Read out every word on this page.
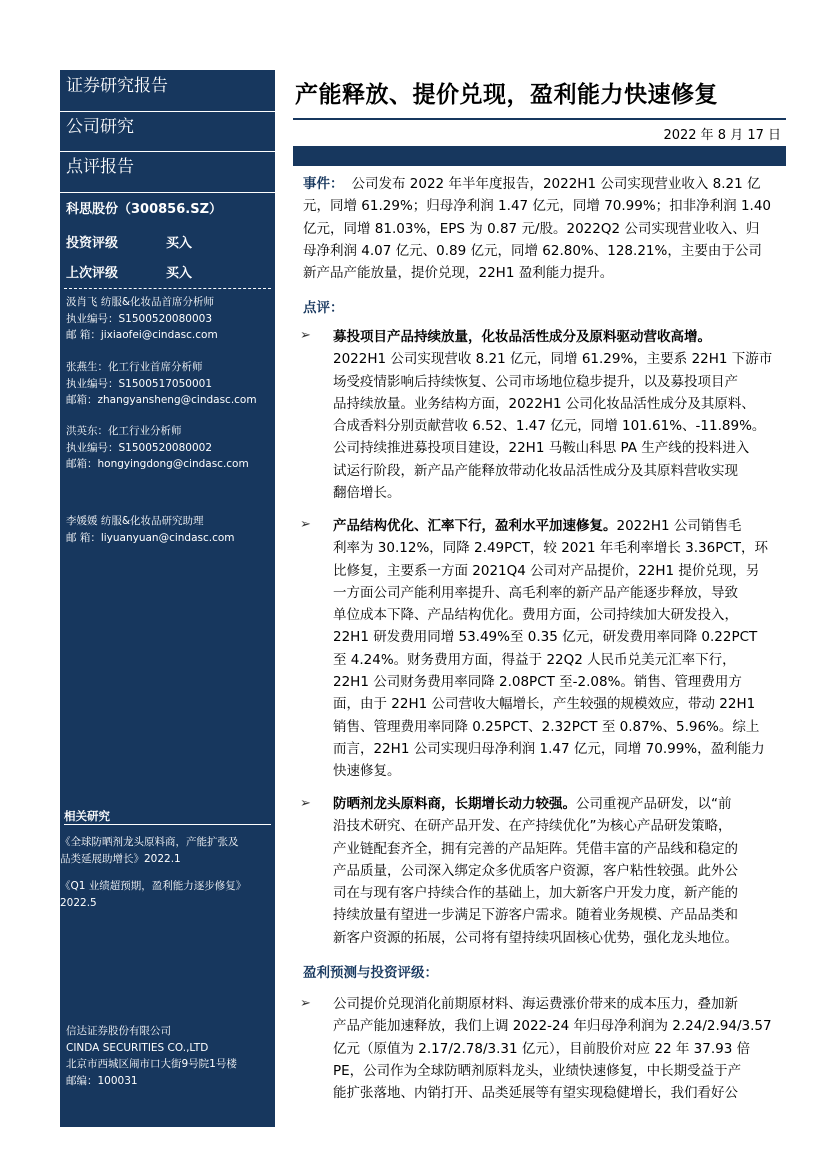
证券研究报告
公司研究
点评报告
科思股份（300856.SZ）
投资评级	买入
上次评级	买入
汲肖飞 纺服&化妆品首席分析师
执业编号：S1500520080003
邮 箱：jixiaofei@cindasc.com
张燕生：化工行业首席分析师
执业编号：S1500517050001
邮箱：zhangyansheng@cindasc.com
洪英东：化工行业分析师
执业编号：S1500520080002
邮箱：hongyingdong@cindasc.com
李媛媛 纺服&化妆品研究助理
邮 箱：liyuanyuan@cindasc.com
相关研究
《全球防晒剂龙头原料商，产能扩张及
品类延展助增长》2022.1
《Q1 业绩超预期，盈利能力逐步修复》
2022.5
信达证券股份有限公司
CINDA SECURITIES CO.,LTD
北京市西城区闹市口大街9号院1号楼
邮编：100031
产能释放、提价兑现，盈利能力快速修复
2022 年 8 月 17 日
事件： 公司发布 2022 年半年度报告，2022H1 公司实现营业收入 8.21 亿
元，同增 61.29%；归母净利润 1.47 亿元，同增 70.99%；扣非净利润 1.40
亿元，同增 81.03%，EPS 为 0.87 元/股。2022Q2 公司实现营业收入、归
母净利润 4.07 亿元、0.89 亿元，同增 62.80%、128.21%，主要由于公司
新产品产能放量，提价兑现，22H1 盈利能力提升。
点评：
➢ 募投项目产品持续放量，化妆品活性成分及原料驱动营收高增。
2022H1 公司实现营收 8.21 亿元，同增 61.29%，主要系 22H1 下游市
场受疫情影响后持续恢复、公司市场地位稳步提升，以及募投项目产
品持续放量。业务结构方面，2022H1 公司化妆品活性成分及其原料、
合成香料分别贡献营收 6.52、1.47 亿元，同增 101.61%、-11.89%。
公司持续推进募投项目建设，22H1 马鞍山科思 PA 生产线的投料进入
试运行阶段，新产品产能释放带动化妆品活性成分及其原料营收实现
翻倍增长。
➢ 产品结构优化、汇率下行，盈利水平加速修复。2022H1 公司销售毛
利率为 30.12%，同降 2.49PCT，较 2021 年毛利率增长 3.36PCT，环
比修复，主要系一方面 2021Q4 公司对产品提价，22H1 提价兑现，另
一方面公司产能利用率提升、高毛利率的新产品产能逐步释放，导致
单位成本下降、产品结构优化。费用方面，公司持续加大研发投入，
22H1 研发费用同增 53.49%至 0.35 亿元，研发费用率同降 0.22PCT
至 4.24%。财务费用方面，得益于 22Q2 人民币兑美元汇率下行，
22H1 公司财务费用率同降 2.08PCT 至-2.08%。销售、管理费用方
面，由于 22H1 公司营收大幅增长，产生较强的规模效应，带动 22H1
销售、管理费用率同降 0.25PCT、2.32PCT 至 0.87%、5.96%。综上
而言，22H1 公司实现归母净利润 1.47 亿元，同增 70.99%，盈利能力
快速修复。
➢ 防晒剂龙头原料商，长期增长动力较强。公司重视产品研发，以“前
沿技术研究、在研产品开发、在产持续优化”为核心产品研发策略，
产业链配套齐全，拥有完善的产品矩阵。凭借丰富的产品线和稳定的
产品质量，公司深入绑定众多优质客户资源，客户粘性较强。此外公
司在与现有客户持续合作的基础上，加大新客户开发力度，新产能的
持续放量有望进一步满足下游客户需求。随着业务规模、产品品类和
新客户资源的拓展，公司将有望持续巩固核心优势，强化龙头地位。
盈利预测与投资评级：
➢ 公司提价兑现消化前期原材料、海运费涨价带来的成本压力，叠加新
产品产能加速释放，我们上调 2022-24 年归母净利润为 2.24/2.94/3.57
亿元（原值为 2.17/2.78/3.31 亿元），目前股价对应 22 年 37.93 倍
PE，公司作为全球防晒剂原料龙头，业绩快速修复，中长期受益于产
能扩张落地、内销打开、品类延展等有望实现稳健增长，我们看好公
